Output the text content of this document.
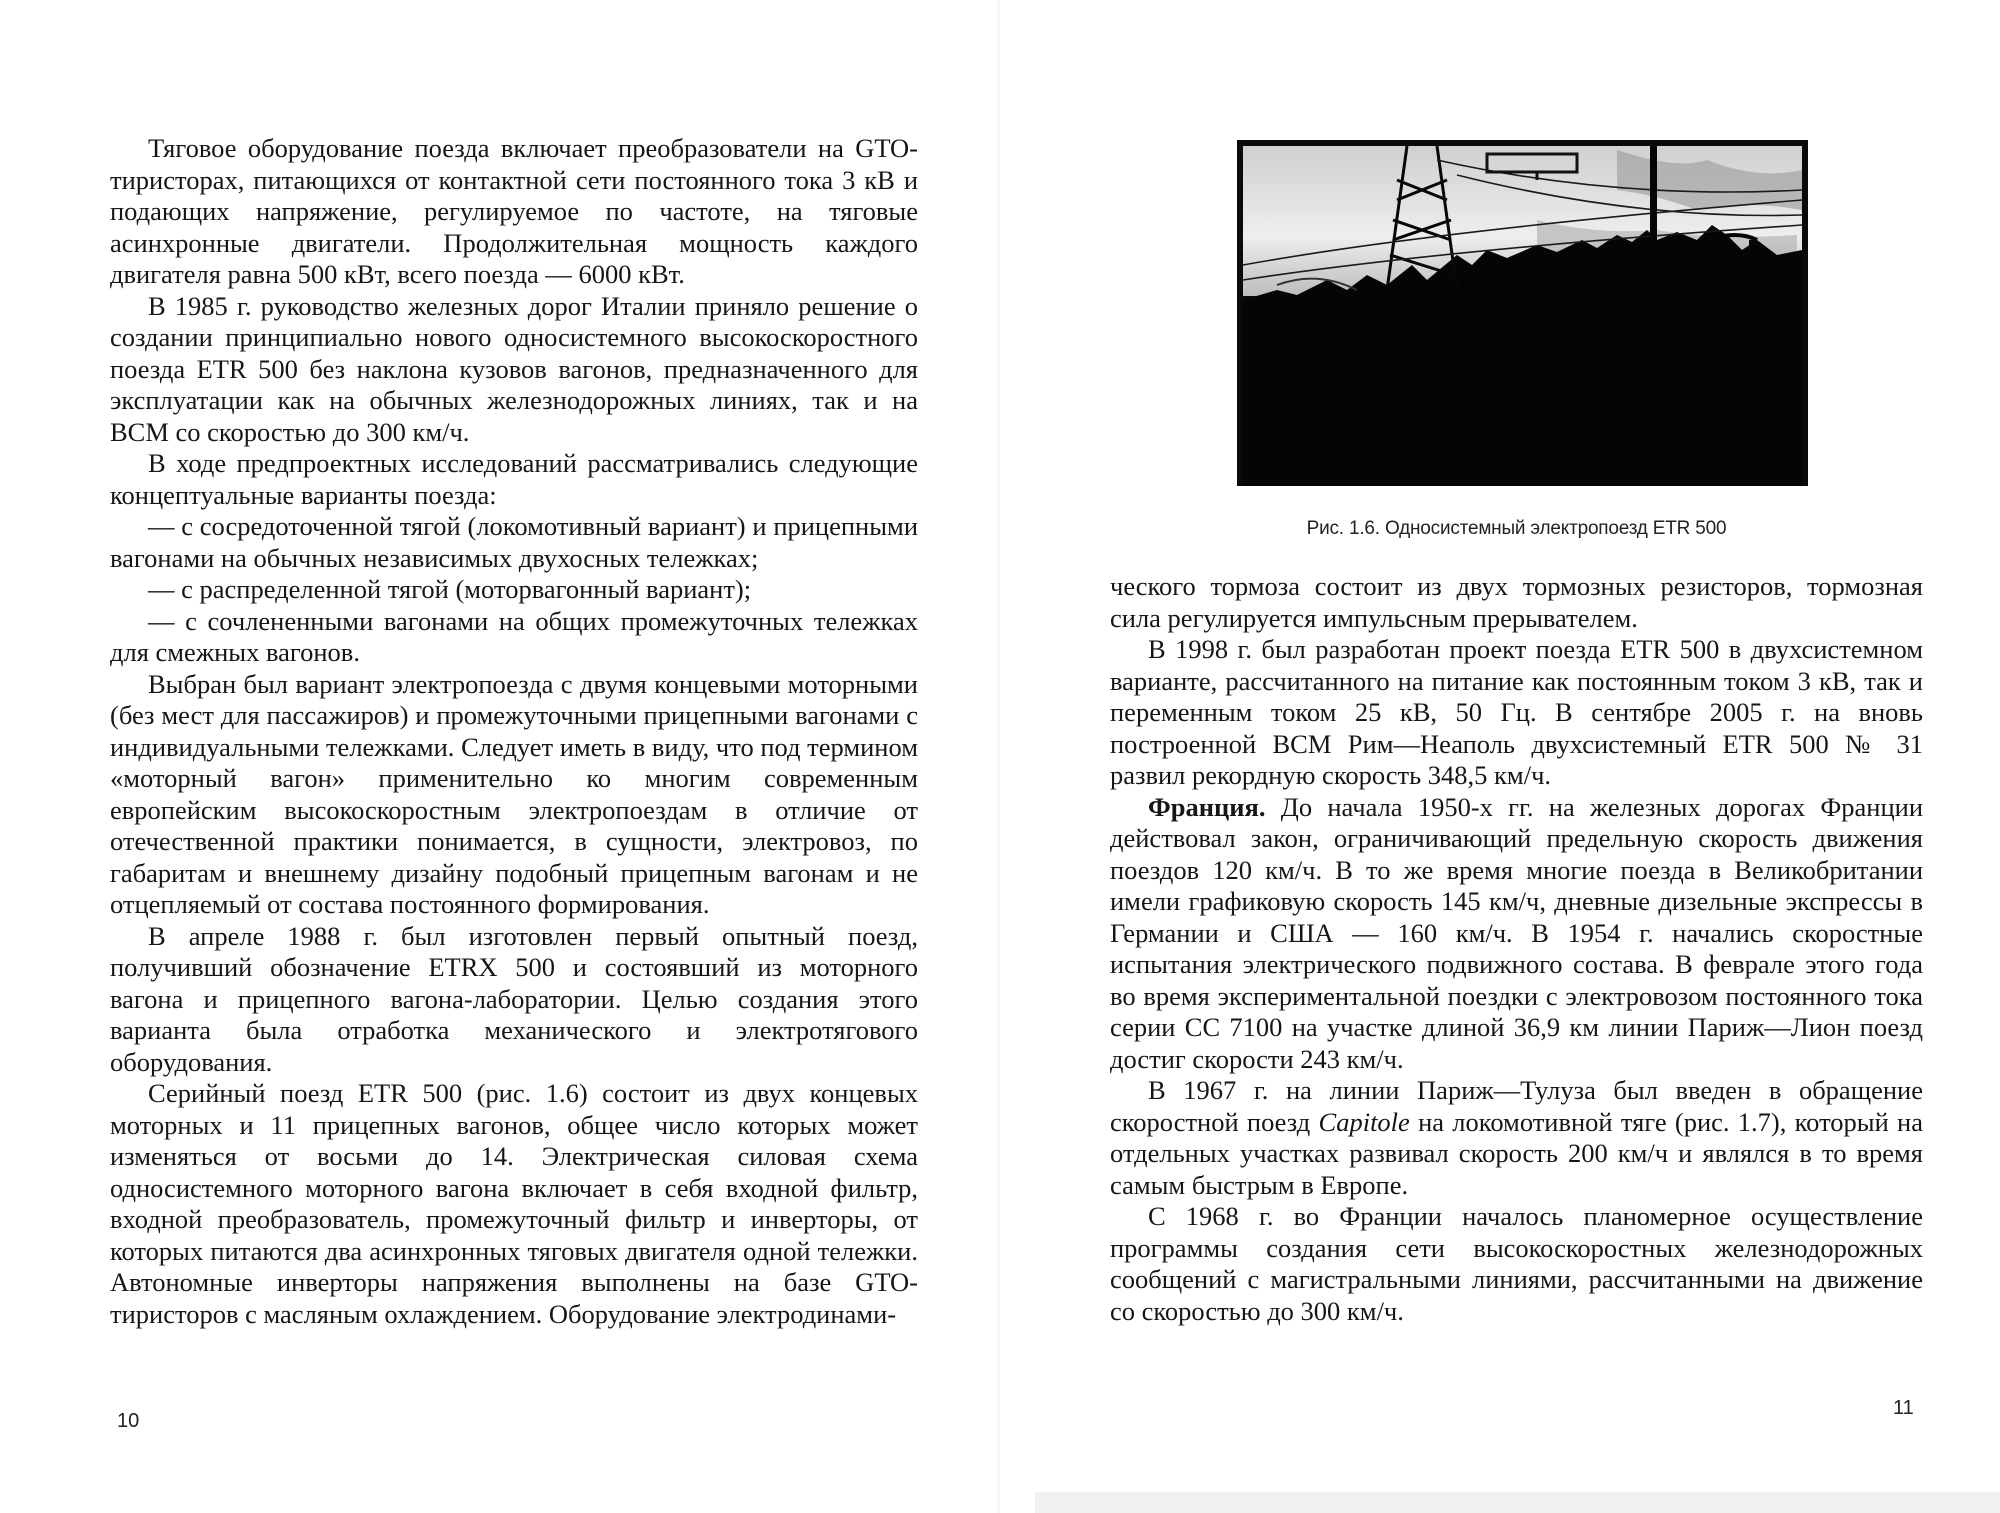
Тяговое оборудование поезда включает преобразователи на GTO-тиристорах, питающихся от контактной сети постоянного тока 3 кВ и подающих напряжение, регулируемое по частоте, на тяговые асинхронные двигатели. Продолжительная мощность каждого двигателя равна 500 кВт, всего поезда — 6000 кВт.

В 1985 г. руководство железных дорог Италии приняло решение о создании принципиально нового односистемного высокоскоростного поезда ETR 500 без наклона кузовов вагонов, предназначенного для эксплуатации как на обычных железнодорожных линиях, так и на ВСМ со скоростью до 300 км/ч.

В ходе предпроектных исследований рассматривались следующие концептуальные варианты поезда:

— с сосредоточенной тягой (локомотивный вариант) и прицепными вагонами на обычных независимых двухосных тележках;

— с распределенной тягой (моторвагонный вариант);

— с сочлененными вагонами на общих промежуточных тележках для смежных вагонов.

Выбран был вариант электропоезда с двумя концевыми моторными (без мест для пассажиров) и промежуточными прицепными вагонами с индивидуальными тележками. Следует иметь в виду, что под термином «моторный вагон» применительно ко многим современным европейским высокоскоростным электропоездам в отличие от отечественной практики понимается, в сущности, электровоз, по габаритам и внешнему дизайну подобный прицепным вагонам и не отцепляемый от состава постоянного формирования.

В апреле 1988 г. был изготовлен первый опытный поезд, получивший обозначение ETRX 500 и состоявший из моторного вагона и прицепного вагона-лаборатории. Целью создания этого варианта была отработка механического и электротягового оборудования.

Серийный поезд ETR 500 (рис. 1.6) состоит из двух концевых моторных и 11 прицепных вагонов, общее число которых может изменяться от восьми до 14. Электрическая силовая схема односистемного моторного вагона включает в себя входной фильтр, входной преобразователь, промежуточный фильтр и инверторы, от которых питаются два асинхронных тяговых двигателя одной тележки. Автономные инверторы напряжения выполнены на базе GTO-тиристоров с масляным охлаждением. Оборудование электродинами-

10
Рис. 1.6. Односистемный электропоезд ETR 500

ческого тормоза состоит из двух тормозных резисторов, тормозная сила регулируется импульсным прерывателем.

В 1998 г. был разработан проект поезда ETR 500 в двухсистемном варианте, рассчитанного на питание как постоянным током 3 кВ, так и переменным током 25 кВ, 50 Гц. В сентябре 2005 г. на вновь построенной ВСМ Рим—Неаполь двухсистемный ETR 500 № 31 развил рекордную скорость 348,5 км/ч.

Франция. До начала 1950-х гг. на железных дорогах Франции действовал закон, ограничивающий предельную скорость движения поездов 120 км/ч. В то же время многие поезда в Великобритании имели графиковую скорость 145 км/ч, дневные дизельные экспрессы в Германии и США — 160 км/ч. В 1954 г. начались скоростные испытания электрического подвижного состава. В феврале этого года во время экспериментальной поездки с электровозом постоянного тока серии CC 7100 на участке длиной 36,9 км линии Париж—Лион поезд достиг скорости 243 км/ч.

В 1967 г. на линии Париж—Тулуза был введен в обращение скоростной поезд Capitole на локомотивной тяге (рис. 1.7), который на отдельных участках развивал скорость 200 км/ч и являлся в то время самым быстрым в Европе.

С 1968 г. во Франции началось планомерное осуществление программы создания сети высокоскоростных железнодорожных сообщений с магистральными линиями, рассчитанными на движение со скоростью до 300 км/ч.

11
